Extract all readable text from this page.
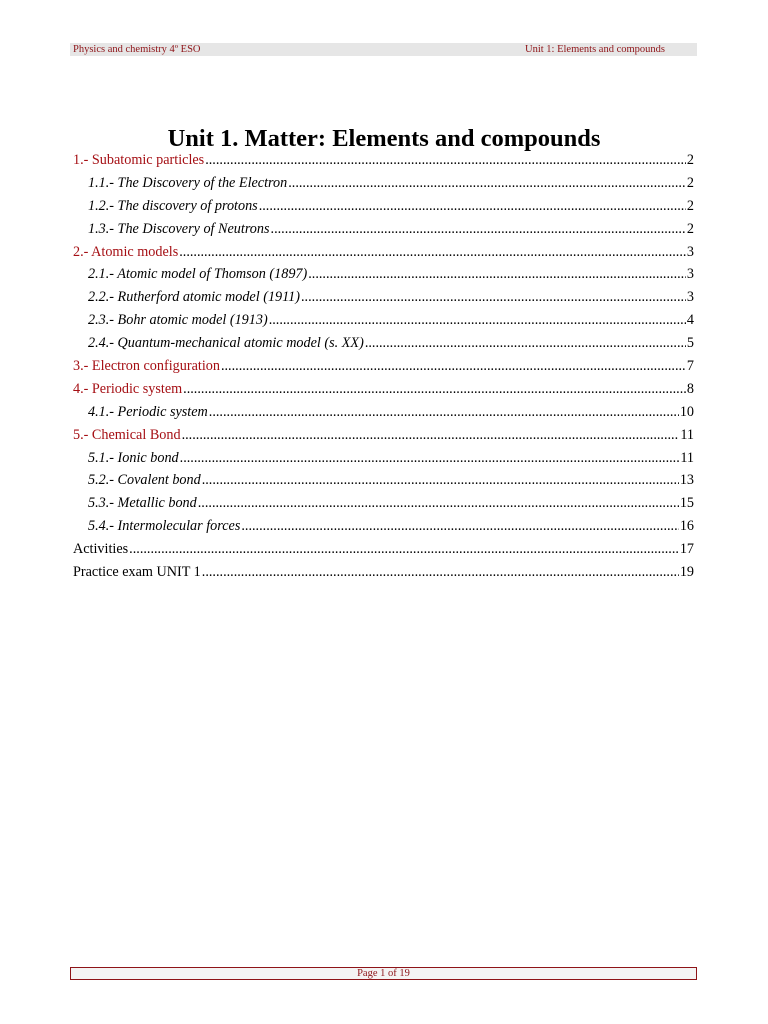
Physics and chemistry 4º ESO	Unit 1: Elements and compounds
Unit 1. Matter: Elements and compounds
1.- Subatomic particles .....	2
1.1.- The Discovery of the Electron .....	2
1.2.- The discovery of protons .....	2
1.3.- The Discovery of Neutrons .....	2
2.- Atomic models .....	3
2.1.- Atomic model of Thomson (1897) .....	3
2.2.- Rutherford atomic model (1911) .....	3
2.3.- Bohr atomic model (1913) .....	4
2.4.- Quantum-mechanical atomic model (s. XX) .....	5
3.- Electron configuration .....	7
4.- Periodic system .....	8
4.1.- Periodic system .....	10
5.- Chemical Bond .....	11
5.1.- Ionic bond .....	11
5.2.- Covalent bond .....	13
5.3.- Metallic bond .....	15
5.4.- Intermolecular forces .....	16
Activities .....	17
Practice exam UNIT 1 .....	19
Page 1 of 19
